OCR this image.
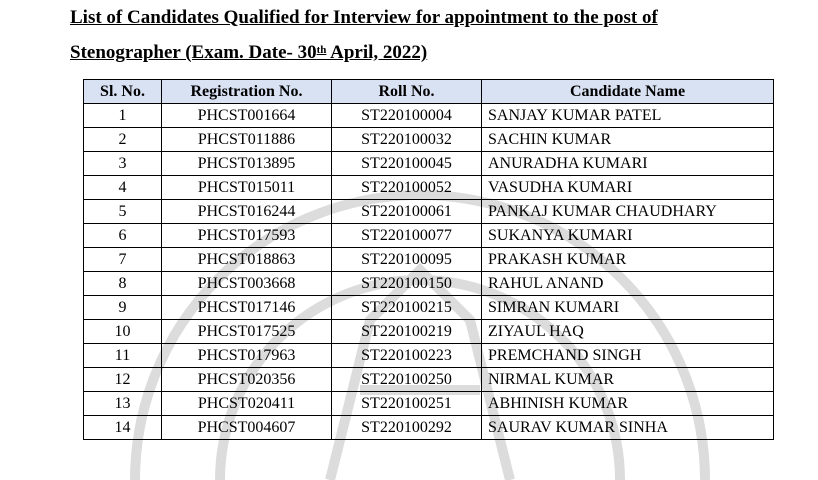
List of Candidates Qualified for Interview for appointment to the post of
Stenographer (Exam. Date- 30th April, 2022)
Sl. No.	Registration No.	Roll No.	Candidate Name
1	PHCST001664	ST220100004	SANJAY KUMAR PATEL
2	PHCST011886	ST220100032	SACHIN KUMAR
3	PHCST013895	ST220100045	ANURADHA KUMARI
4	PHCST015011	ST220100052	VASUDHA KUMARI
5	PHCST016244	ST220100061	PANKAJ KUMAR CHAUDHARY
6	PHCST017593	ST220100077	SUKANYA KUMARI
7	PHCST018863	ST220100095	PRAKASH KUMAR
8	PHCST003668	ST220100150	RAHUL ANAND
9	PHCST017146	ST220100215	SIMRAN KUMARI
10	PHCST017525	ST220100219	ZIYAUL HAQ
11	PHCST017963	ST220100223	PREMCHAND SINGH
12	PHCST020356	ST220100250	NIRMAL KUMAR
13	PHCST020411	ST220100251	ABHINISH KUMAR
14	PHCST004607	ST220100292	SAURAV KUMAR SINHA
